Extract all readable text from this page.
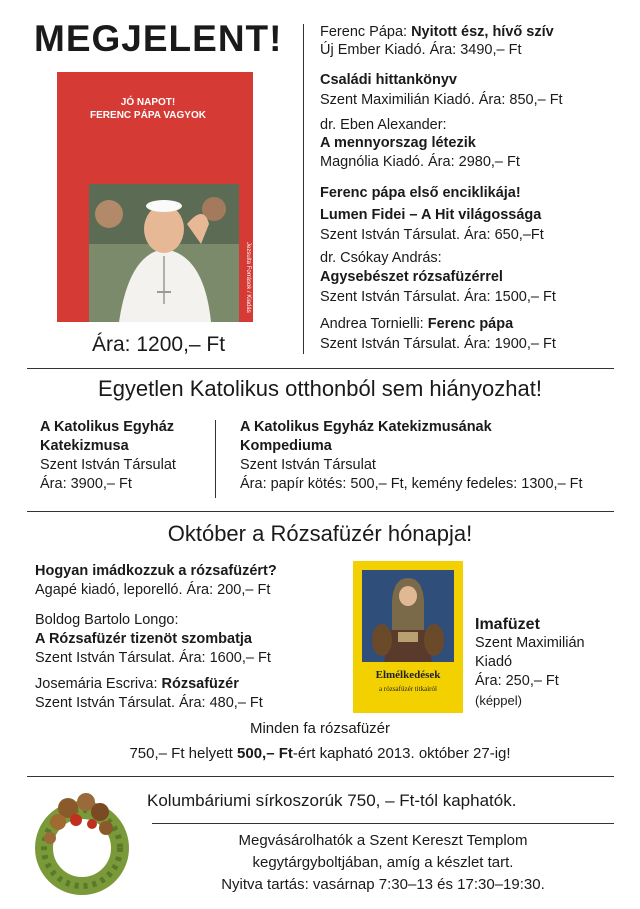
MEGJELENT!
JÓ NAPOT!
FERENC PÁPA VAGYOK
Jezsuita Források / Kiadás
Ára: 1200,– Ft
Ferenc Pápa: Nyitott ész, hívő szív
Új Ember Kiadó. Ára: 3490,– Ft
Családi hittankönyv
Szent Maximilián Kiadó. Ára: 850,– Ft
dr. Eben Alexander:
A mennyorszag létezik
Magnólia Kiadó. Ára: 2980,– Ft
Ferenc pápa első enciklikája!
Lumen Fidei – A Hit világossága
Szent István Társulat. Ára: 650,–Ft
dr. Csókay András:
Agysebészet rózsafüzérrel
Szent István Társulat. Ára: 1500,– Ft
Andrea Tornielli: Ferenc pápa
Szent István Társulat. Ára: 1900,– Ft
Egyetlen Katolikus otthonból sem hiányozhat!
A Katolikus Egyház
Katekizmusa
Szent István Társulat
Ára: 3900,– Ft
A Katolikus Egyház Katekizmusának
Kompediuma
Szent István Társulat
Ára: papír kötés: 500,– Ft, kemény fedeles: 1300,– Ft
Október a Rózsafüzér hónapja!
Hogyan imádkozzuk a rózsafüzért?
Agapé kiadó, leporelló. Ára: 200,– Ft
Boldog Bartolo Longo:
A Rózsafüzér tizenöt szombatja
Szent István Társulat. Ára: 1600,– Ft
Josemária Escriva: Rózsafüzér
Szent István Társulat. Ára: 480,– Ft
Elmélkedések
a rózsafüzér titkairól
Imafüzet
Szent Maximilián
Kiadó
Ára: 250,– Ft
(képpel)
Minden fa rózsafüzér
750,– Ft helyett 500,– Ft-ért kapható 2013. október 27-ig!
Kolumbáriumi sírkoszorúk 750, – Ft-tól kaphatók.
Megvásárolhatók a Szent Kereszt Templom
kegytárgyboltjában, amíg a készlet tart.
Nyitva tartás: vasárnap 7:30–13 és 17:30–19:30.
